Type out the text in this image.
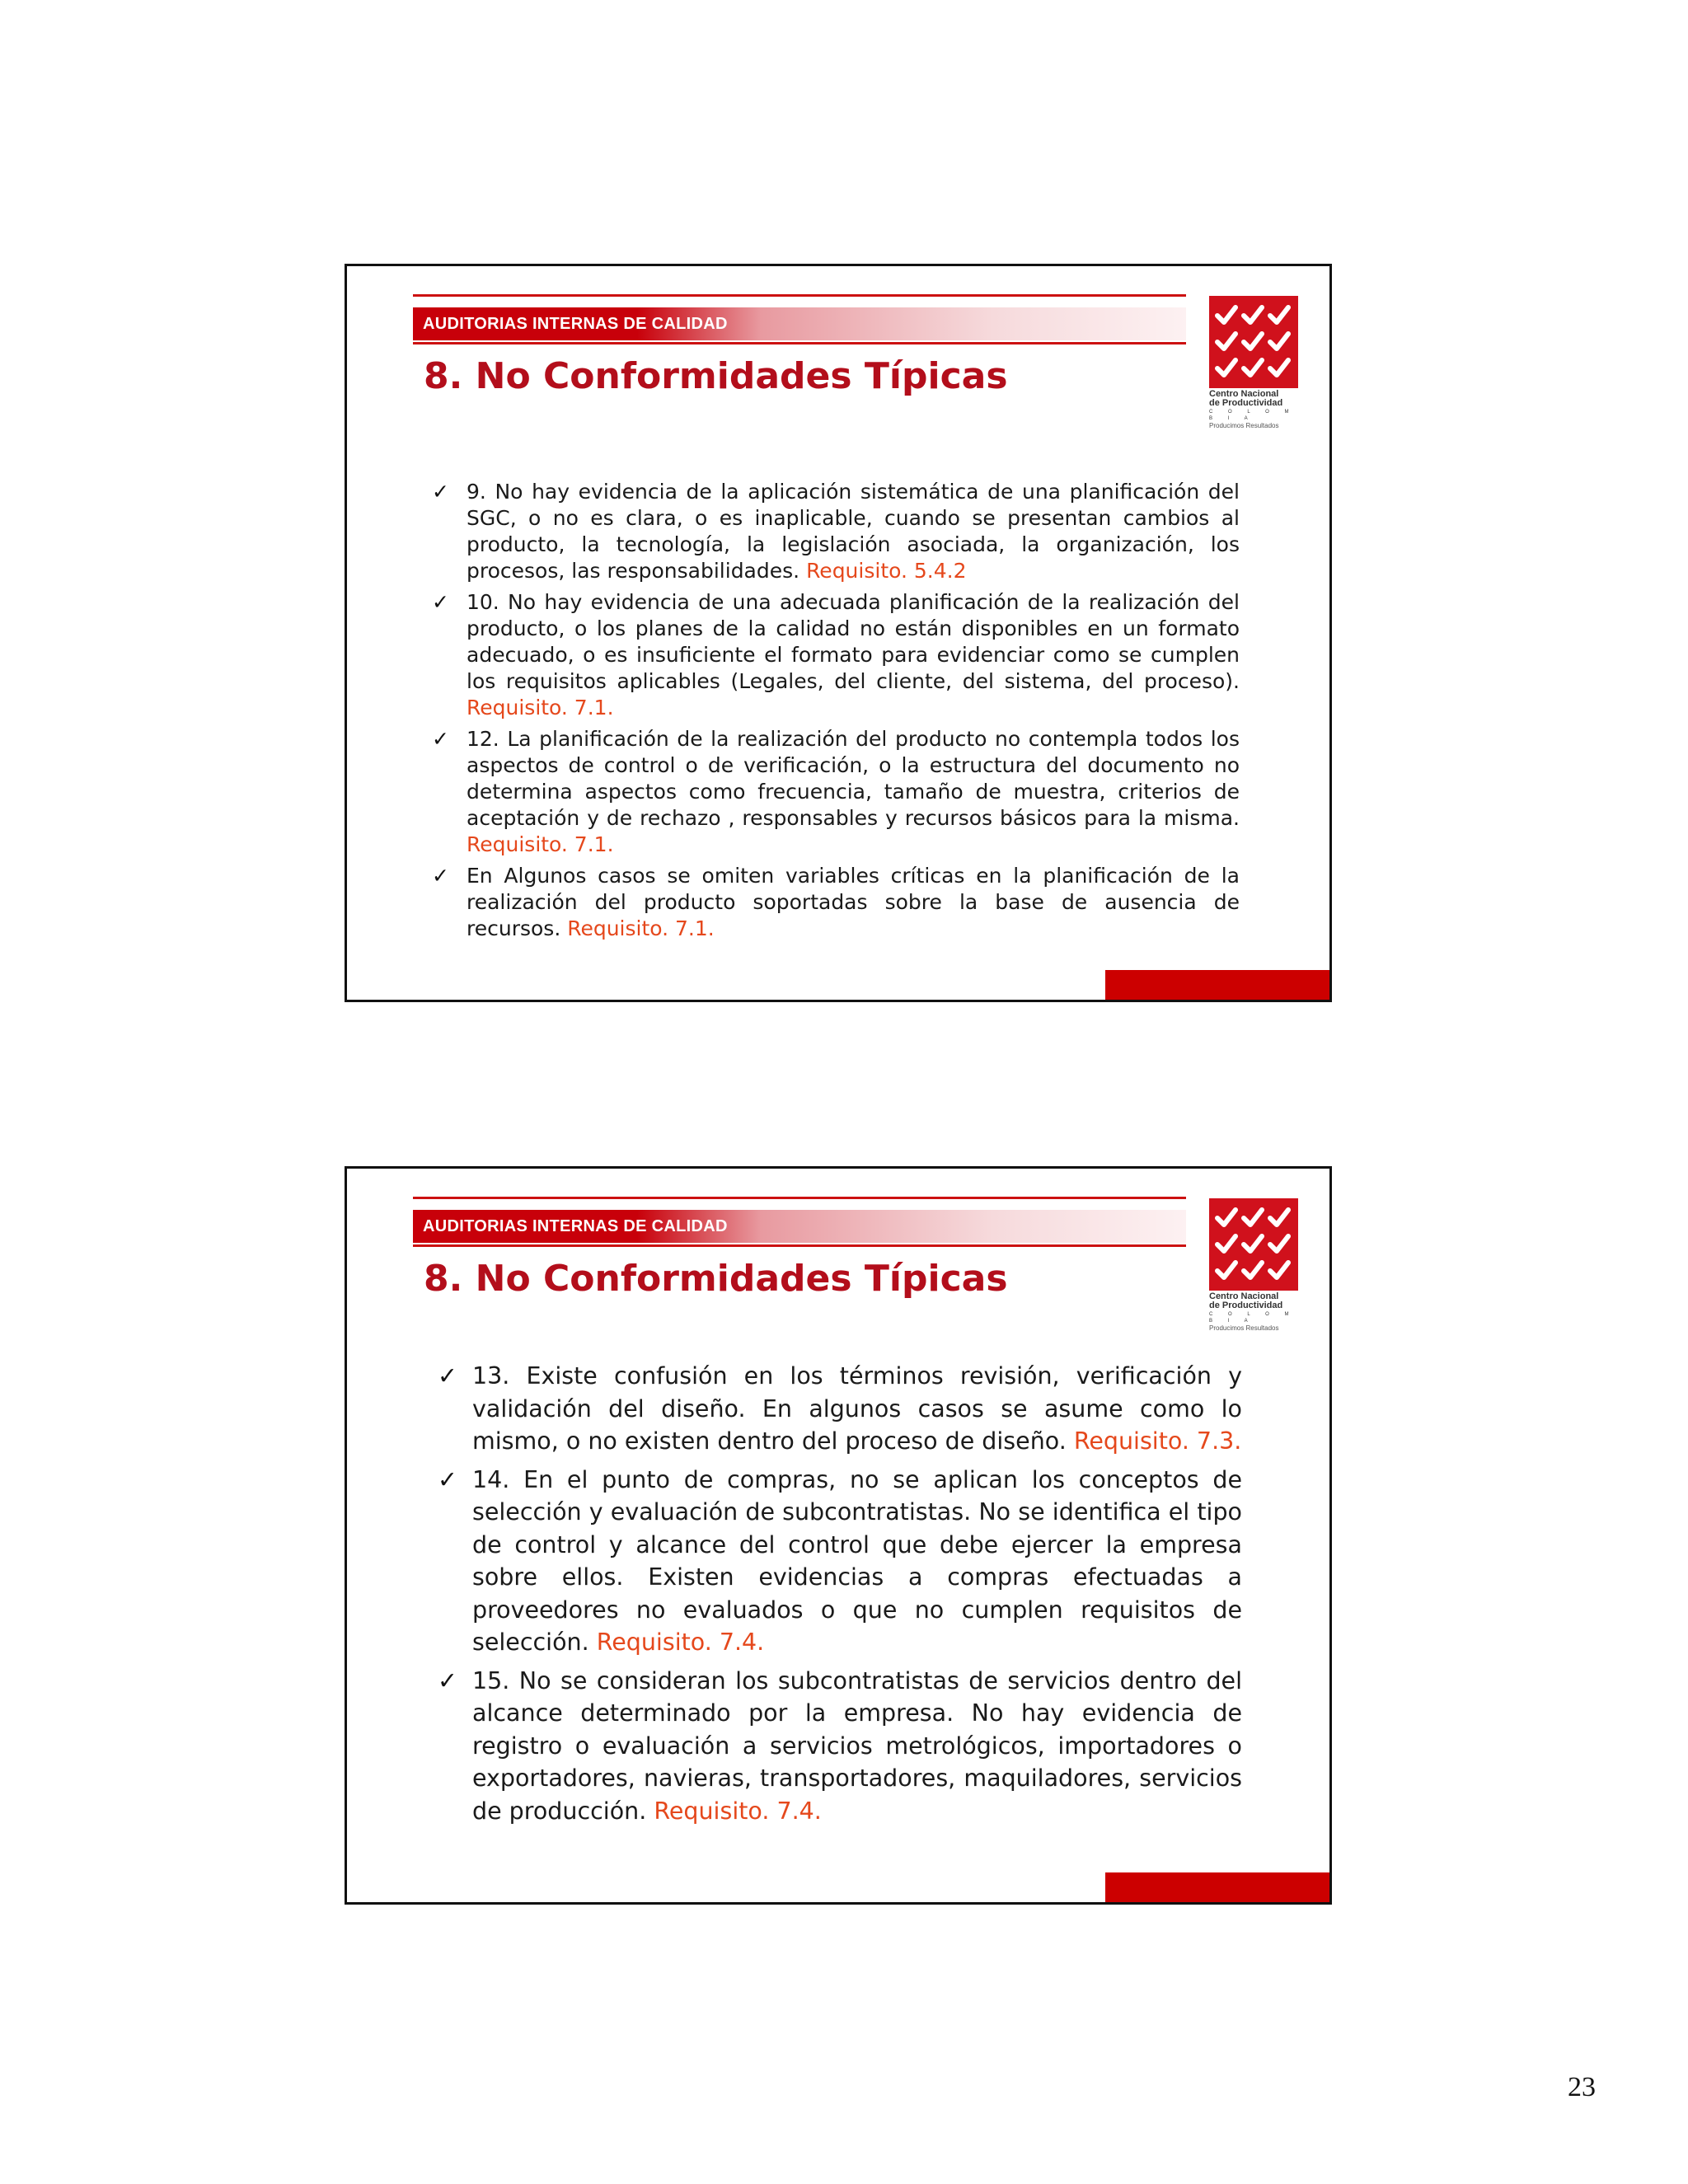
AUDITORIAS INTERNAS DE CALIDAD
8. No Conformidades Típicas	Centro Nacional

de Productividad

C O L O M B I A

Producimos Resultados

✓ 9. No hay evidencia de la aplicación sistemática de una planificación del SGC, o no es clara, o es inaplicable, cuando se presentan cambios al producto, la tecnología, la legislación asociada, la organización, los procesos, las responsabilidades. Requisito. 5.4.2
✓ 10. No hay evidencia de una adecuada planificación de la realización del producto, o los planes de la calidad no están disponibles en un formato adecuado, o es insuficiente el formato para evidenciar como se cumplen los requisitos aplicables (Legales, del cliente, del sistema, del proceso). Requisito. 7.1.
✓ 12. La planificación de la realización del producto no contempla todos los aspectos de control o de verificación, o la estructura del documento no determina aspectos como frecuencia, tamaño de muestra, criterios de aceptación y de rechazo , responsables y recursos básicos para la misma. Requisito. 7.1.
✓ En Algunos casos se omiten variables críticas en la planificación de la realización del producto soportadas sobre la base de ausencia de recursos. Requisito. 7.1.
AUDITORIAS INTERNAS DE CALIDAD
8. No Conformidades Típicas	Centro Nacional

de Productividad

C O L O M B I A

Producimos Resultados

✓ 13. Existe confusión en los términos revisión, verificación y validación del diseño. En algunos casos se asume como lo mismo, o no existen dentro del proceso de diseño. Requisito. 7.3.
✓ 14. En el punto de compras, no se aplican los conceptos de selección y evaluación de subcontratistas. No se identifica el tipo de control y alcance del control que debe ejercer la empresa sobre ellos. Existen evidencias a compras efectuadas a proveedores no evaluados o que no cumplen requisitos de selección. Requisito. 7.4.
✓ 15. No se consideran los subcontratistas de servicios dentro del alcance determinado por la empresa. No hay evidencia de registro o evaluación a servicios metrológicos, importadores o exportadores, navieras, transportadores, maquiladores, servicios de producción. Requisito. 7.4.
23
